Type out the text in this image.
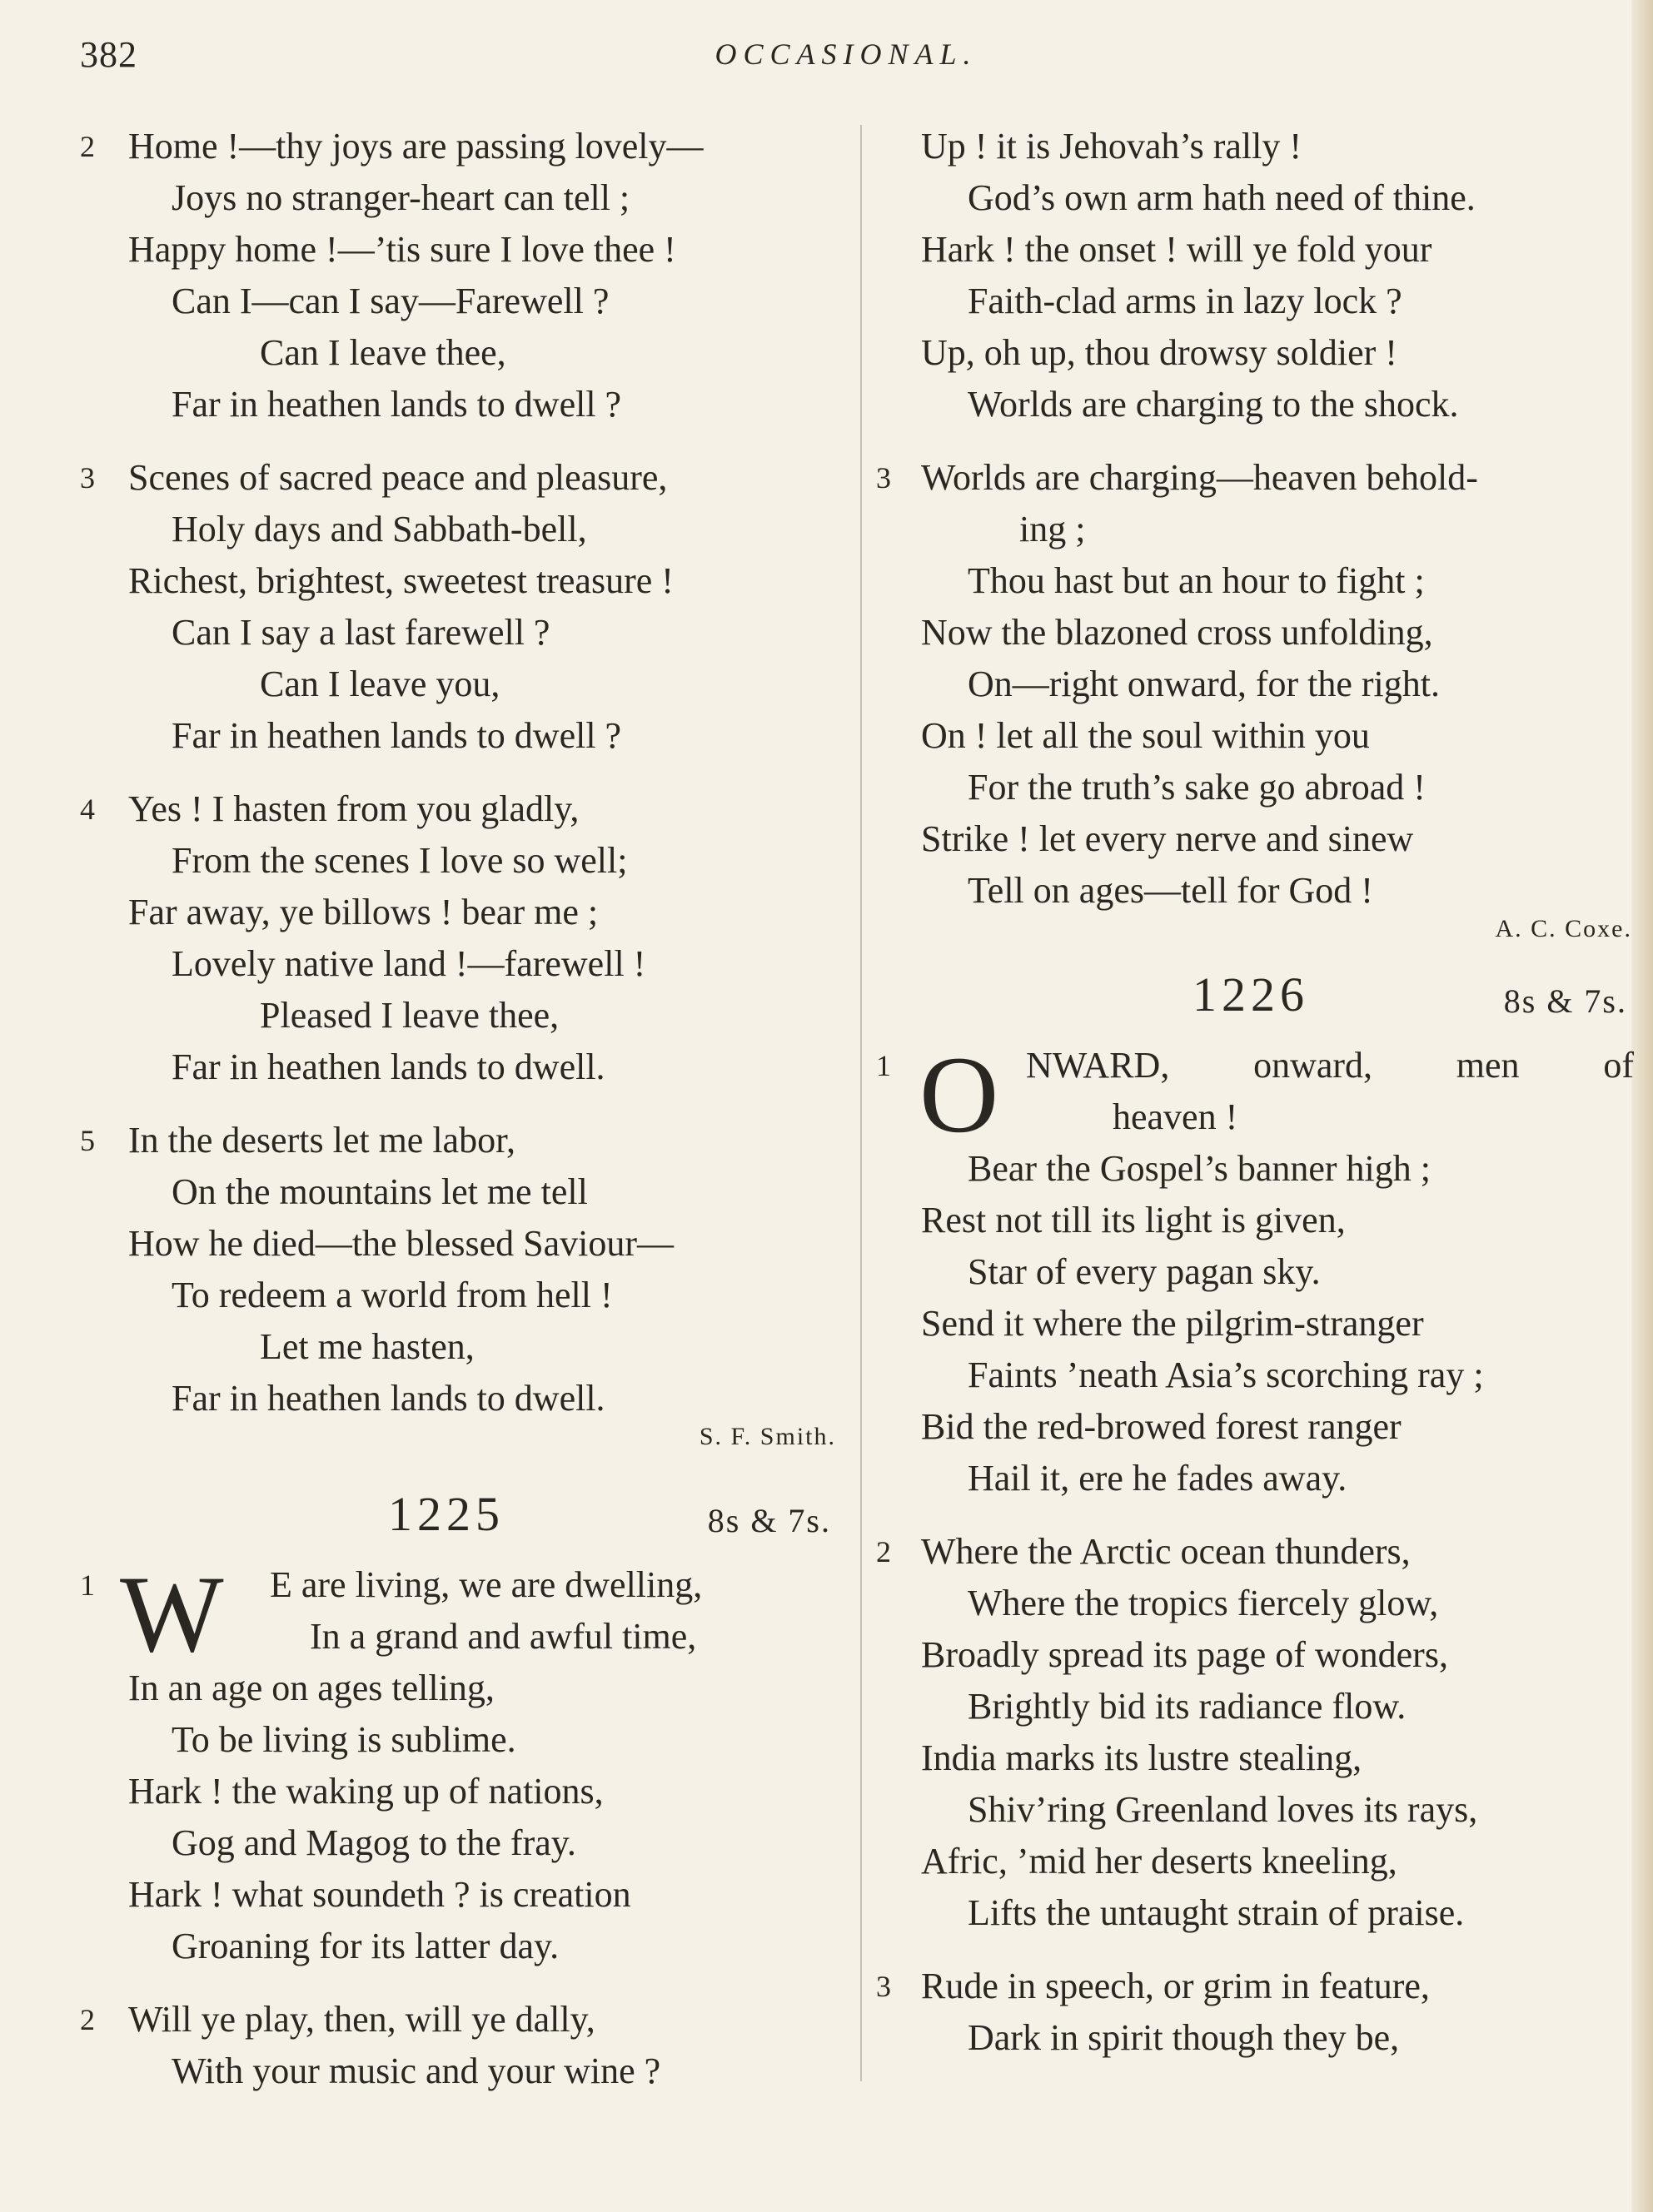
382	OCCASIONAL.
2 Home !—thy joys are passing lovely—
Joys no stranger-heart can tell ;
Happy home !—’tis sure I love thee !
Can I—can I say—Farewell ?
Can I leave thee,
Far in heathen lands to dwell ?
3 Scenes of sacred peace and pleasure,
Holy days and Sabbath-bell,
Richest, brightest, sweetest treasure !
Can I say a last farewell ?
Can I leave you,
Far in heathen lands to dwell ?
4 Yes ! I hasten from you gladly,
From the scenes I love so well;
Far away, ye billows ! bear me ;
Lovely native land !—farewell !
Pleased I leave thee,
Far in heathen lands to dwell.
5 In the deserts let me labor,
On the mountains let me tell
How he died—the blessed Saviour—
To redeem a world from hell !
Let me hasten,
Far in heathen lands to dwell.
S. F. Smith.
1225	8s & 7s.
1 W	E are living, we are dwelling,
In a grand and awful time,
In an age on ages telling,
To be living is sublime.
Hark ! the waking up of nations,
Gog and Magog to the fray.
Hark ! what soundeth ? is creation
Groaning for its latter day.
2 Will ye play, then, will ye dally,
With your music and your wine ?
Up ! it is Jehovah’s rally !
God’s own arm hath need of thine.
Hark ! the onset ! will ye fold your
Faith-clad arms in lazy lock ?
Up, oh up, thou drowsy soldier !
Worlds are charging to the shock.
3 Worlds are charging—heaven behold-
ing ;
Thou hast but an hour to fight ;
Now the blazoned cross unfolding,
On—right onward, for the right.
On ! let all the soul within you
For the truth’s sake go abroad !
Strike ! let every nerve and sinew
Tell on ages—tell for God !
A. C. Coxe.
1226	8s & 7s.
1 O NWARD, onward, men of
heaven !
Bear the Gospel’s banner high ;
Rest not till its light is given,
Star of every pagan sky.
Send it where the pilgrim-stranger
Faints ’neath Asia’s scorching ray ;
Bid the red-browed forest ranger
Hail it, ere he fades away.
2 Where the Arctic ocean thunders,
Where the tropics fiercely glow,
Broadly spread its page of wonders,
Brightly bid its radiance flow.
India marks its lustre stealing,
Shiv’ring Greenland loves its rays,
Afric, ’mid her deserts kneeling,
Lifts the untaught strain of praise.
3 Rude in speech, or grim in feature,
Dark in spirit though they be,
